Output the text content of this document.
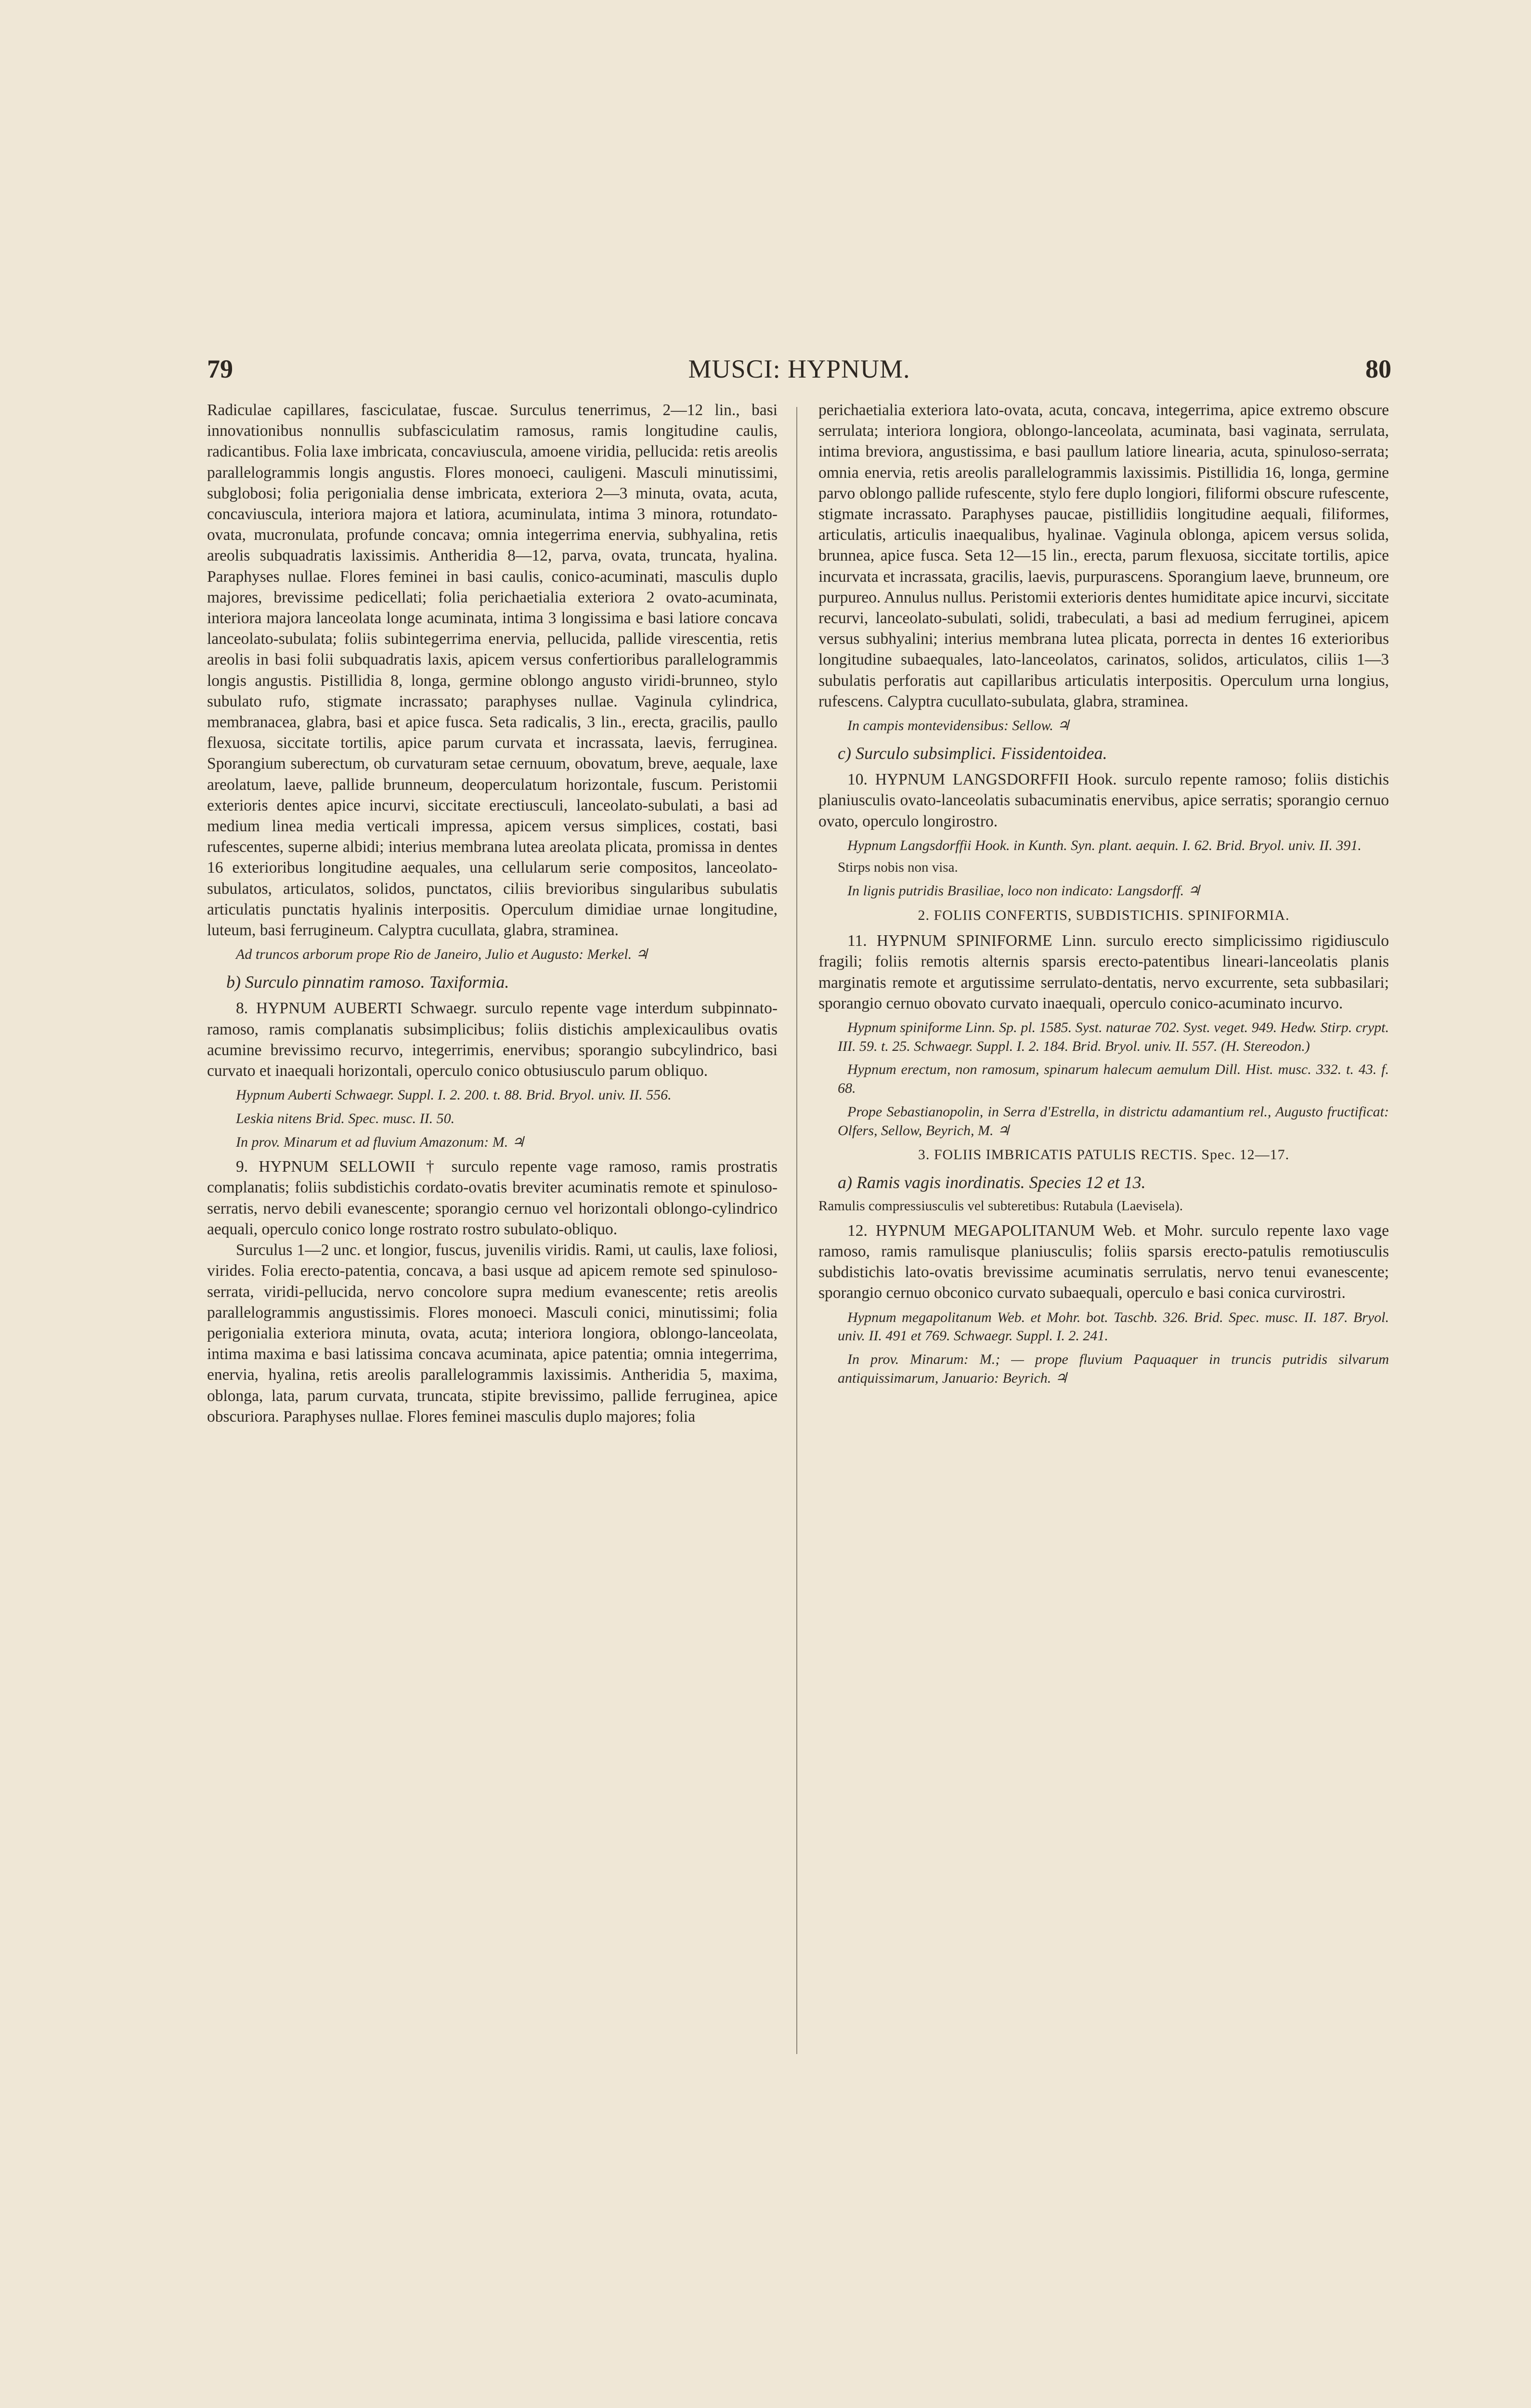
79	MUSCI: HYPNUM.	80

Radiculae capillares, fasciculatae, fuscae. Surculus tenerrimus, 2—12 lin., basi innovationibus nonnullis subfasciculatim ramosus, ramis longitudine caulis, radicantibus. Folia laxe imbricata, concaviuscula, amoene viridia, pellucida: retis areolis parallelogrammis longis angustis. Flores monoeci, cauligeni. Masculi minutissimi, subglobosi; folia perigonialia dense imbricata, exteriora 2—3 minuta, ovata, acuta, concaviuscula, interiora majora et latiora, acuminulata, intima 3 minora, rotundato-ovata, mucronulata, profunde concava; omnia integerrima enervia, subhyalina, retis areolis subquadratis laxissimis. Antheridia 8—12, parva, ovata, truncata, hyalina. Paraphyses nullae. Flores feminei in basi caulis, conico-acuminati, masculis duplo majores, brevissime pedicellati; folia perichaetialia exteriora 2 ovato-acuminata, interiora majora lanceolata longe acuminata, intima 3 longissima e basi latiore concava lanceolato-subulata; foliis subintegerrima enervia, pellucida, pallide virescentia, retis areolis in basi folii subquadratis laxis, apicem versus confertioribus parallelogrammis longis angustis. Pistillidia 8, longa, germine oblongo angusto viridi-brunneo, stylo subulato rufo, stigmate incrassato; paraphyses nullae. Vaginula cylindrica, membranacea, glabra, basi et apice fusca. Seta radicalis, 3 lin., erecta, gracilis, paullo flexuosa, siccitate tortilis, apice parum curvata et incrassata, laevis, ferruginea. Sporangium suberectum, ob curvaturam setae cernuum, obovatum, breve, aequale, laxe areolatum, laeve, pallide brunneum, deoperculatum horizontale, fuscum. Peristomii exterioris dentes apice incurvi, siccitate erectiusculi, lanceolato-subulati, a basi ad medium linea media verticali impressa, apicem versus simplices, costati, basi rufescentes, superne albidi; interius membrana lutea areolata plicata, promissa in dentes 16 exterioribus longitudine aequales, una cellularum serie compositos, lanceolato-subulatos, articulatos, solidos, punctatos, ciliis brevioribus singularibus subulatis articulatis punctatis hyalinis interpositis. Operculum dimidiae urnae longitudine, luteum, basi ferrugineum. Calyptra cucullata, glabra, straminea.

Ad truncos arborum prope Rio de Janeiro, Julio et Augusto: Merkel. ♃

b) Surculo pinnatim ramoso. Taxiformia.

8. HYPNUM AUBERTI Schwaegr. surculo repente vage interdum subpinnato-ramoso, ramis complanatis subsimplicibus; foliis distichis amplexicaulibus ovatis acumine brevissimo recurvo, integerrimis, enervibus; sporangio subcylindrico, basi curvato et inaequali horizontali, operculo conico obtusiusculo parum obliquo.

Hypnum Auberti Schwaegr. Suppl. I. 2. 200. t. 88. Brid. Bryol. univ. II. 556.

Leskia nitens Brid. Spec. musc. II. 50.

In prov. Minarum et ad fluvium Amazonum: M. ♃

9. HYPNUM SELLOWII † surculo repente vage ramoso, ramis prostratis complanatis; foliis subdistichis cordato-ovatis breviter acuminatis remote et spinuloso-serratis, nervo debili evanescente; sporangio cernuo vel horizontali oblongo-cylindrico aequali, operculo conico longe rostrato rostro subulato-obliquo.

Surculus 1—2 unc. et longior, fuscus, juvenilis viridis. Rami, ut caulis, laxe foliosi, virides. Folia erecto-patentia, concava, a basi usque ad apicem remote sed spinuloso-serrata, viridi-pellucida, nervo concolore supra medium evanescente; retis areolis parallelogrammis angustissimis. Flores monoeci. Masculi conici, minutissimi; folia perigonialia exteriora minuta, ovata, acuta; interiora longiora, oblongo-lanceolata, intima maxima e basi latissima concava acuminata, apice patentia; omnia integerrima, enervia, hyalina, retis areolis parallelogrammis laxissimis. Antheridia 5, maxima, oblonga, lata, parum curvata, truncata, stipite brevissimo, pallide ferruginea, apice obscuriora. Paraphyses nullae. Flores feminei masculis duplo majores; folia

perichaetialia exteriora lato-ovata, acuta, concava, integerrima, apice extremo obscure serrulata; interiora longiora, oblongo-lanceolata, acuminata, basi vaginata, serrulata, intima breviora, angustissima, e basi paullum latiore linearia, acuta, spinuloso-serrata; omnia enervia, retis areolis parallelogrammis laxissimis. Pistillidia 16, longa, germine parvo oblongo pallide rufescente, stylo fere duplo longiori, filiformi obscure rufescente, stigmate incrassato. Paraphyses paucae, pistillidiis longitudine aequali, filiformes, articulatis, articulis inaequalibus, hyalinae. Vaginula oblonga, apicem versus solida, brunnea, apice fusca. Seta 12—15 lin., erecta, parum flexuosa, siccitate tortilis, apice incurvata et incrassata, gracilis, laevis, purpurascens. Sporangium laeve, brunneum, ore purpureo. Annulus nullus. Peristomii exterioris dentes humiditate apice incurvi, siccitate recurvi, lanceolato-subulati, solidi, trabeculati, a basi ad medium ferruginei, apicem versus subhyalini; interius membrana lutea plicata, porrecta in dentes 16 exterioribus longitudine subaequales, lato-lanceolatos, carinatos, solidos, articulatos, ciliis 1—3 subulatis perforatis aut capillaribus articulatis interpositis. Operculum urna longius, rufescens. Calyptra cucullato-subulata, glabra, straminea.

In campis montevidensibus: Sellow. ♃

c) Surculo subsimplici. Fissidentoidea.

10. HYPNUM LANGSDORFFII Hook. surculo repente ramoso; foliis distichis planiusculis ovato-lanceolatis subacuminatis enervibus, apice serratis; sporangio cernuo ovato, operculo longirostro.

Hypnum Langsdorffii Hook. in Kunth. Syn. plant. aequin. I. 62. Brid. Bryol. univ. II. 391.

Stirps nobis non visa.

In lignis putridis Brasiliae, loco non indicato: Langsdorff. ♃

2. FOLIIS CONFERTIS, SUBDISTICHIS. SPINIFORMIA.

11. HYPNUM SPINIFORME Linn. surculo erecto simplicissimo rigidiusculo fragili; foliis remotis alternis sparsis erecto-patentibus lineari-lanceolatis planis marginatis remote et argutissime serrulato-dentatis, nervo excurrente, seta subbasilari; sporangio cernuo obovato curvato inaequali, operculo conico-acuminato incurvo.

Hypnum spiniforme Linn. Sp. pl. 1585. Syst. naturae 702. Syst. veget. 949. Hedw. Stirp. crypt. III. 59. t. 25. Schwaegr. Suppl. I. 2. 184. Brid. Bryol. univ. II. 557. (H. Stereodon.)

Hypnum erectum, non ramosum, spinarum halecum aemulum Dill. Hist. musc. 332. t. 43. f. 68.

Prope Sebastianopolin, in Serra d'Estrella, in districtu adamantium rel., Augusto fructificat: Olfers, Sellow, Beyrich, M. ♃

3. FOLIIS IMBRICATIS PATULIS RECTIS. Spec. 12—17.

a) Ramis vagis inordinatis. Species 12 et 13.

Ramulis compressiusculis vel subteretibus: Rutabula (Laevisela).

12. HYPNUM MEGAPOLITANUM Web. et Mohr. surculo repente laxo vage ramoso, ramis ramulisque planiusculis; foliis sparsis erecto-patulis remotiusculis subdistichis lato-ovatis brevissime acuminatis serrulatis, nervo tenui evanescente; sporangio cernuo obconico curvato subaequali, operculo e basi conica curvirostri.

Hypnum megapolitanum Web. et Mohr. bot. Taschb. 326. Brid. Spec. musc. II. 187. Bryol. univ. II. 491 et 769. Schwaegr. Suppl. I. 2. 241.

In prov. Minarum: M.; — prope fluvium Paquaquer in truncis putridis silvarum antiquissimarum, Januario: Beyrich. ♃
